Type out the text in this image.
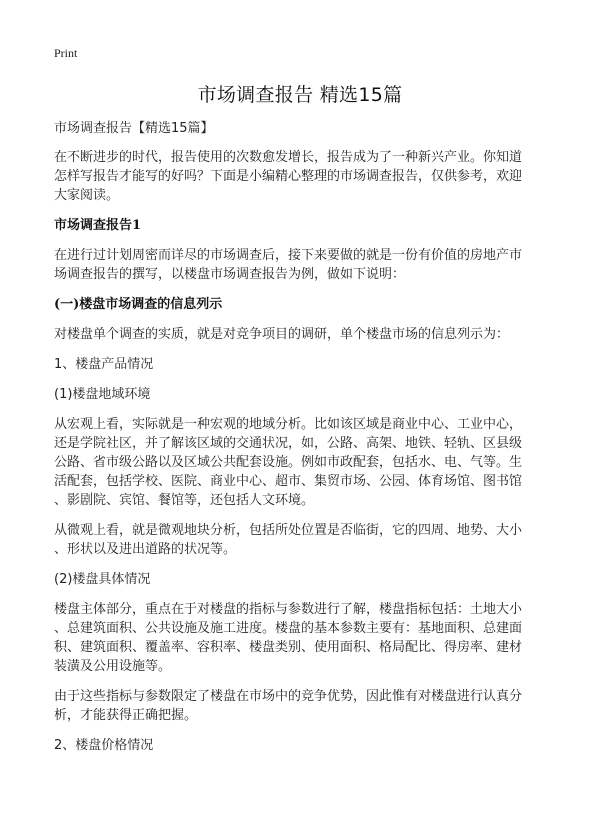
Print
市场调查报告 精选15篇

市场调查报告【精选15篇】

在不断进步的时代，报告使用的次数愈发增长，报告成为了一种新兴产业。你知道
怎样写报告才能写的好吗？下面是小编精心整理的市场调查报告，仅供参考，欢迎
大家阅读。

市场调查报告1

在进行过计划周密而详尽的市场调查后，接下来要做的就是一份有价值的房地产市
场调查报告的撰写，以楼盘市场调查报告为例，做如下说明：

(一)楼盘市场调查的信息列示

对楼盘单个调查的实质，就是对竞争项目的调研，单个楼盘市场的信息列示为：

1、楼盘产品情况

(1)楼盘地域环境

从宏观上看，实际就是一种宏观的地域分析。比如该区域是商业中心、工业中心，
还是学院社区，并了解该区域的交通状况，如，公路、高架、地铁、轻轨、区县级
公路、省市级公路以及区域公共配套设施。例如市政配套，包括水、电、气等。生
活配套，包括学校、医院、商业中心、超市、集贸市场、公园、体育场馆、图书馆
、影剧院、宾馆、餐馆等，还包括人文环境。

从微观上看，就是微观地块分析，包括所处位置是否临街，它的四周、地势、大小
、形状以及进出道路的状况等。

(2)楼盘具体情况

楼盘主体部分，重点在于对楼盘的指标与参数进行了解，楼盘指标包括：土地大小
、总建筑面积、公共设施及施工进度。楼盘的基本参数主要有：基地面积、总建面
积、建筑面积、覆盖率、容积率、楼盘类别、使用面积、格局配比、得房率、建材
装潢及公用设施等。

由于这些指标与参数限定了楼盘在市场中的竞争优势，因此惟有对楼盘进行认真分
析，才能获得正确把握。

2、楼盘价格情况
